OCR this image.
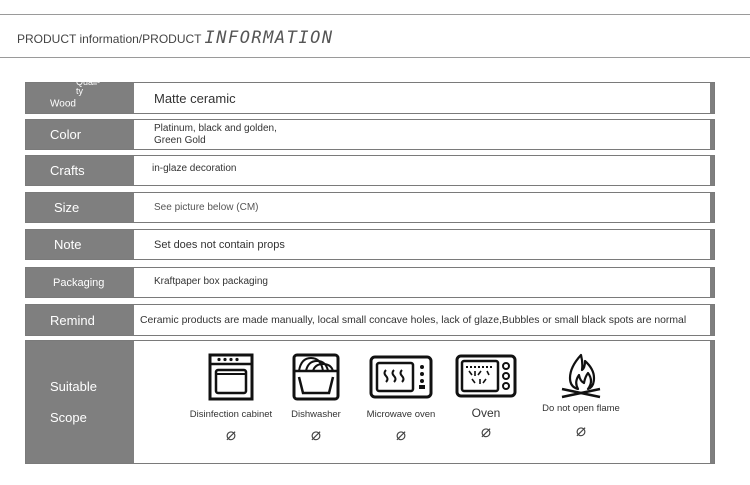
PRODUCT information/PRODUCT INFORMATION
Wood$^{Quali-ty}$	Matte ceramic
Color	Platinum, black and golden,
Green Gold
Crafts	in-glaze decoration
Size	See picture below (CM)
Note	Set does not contain props
Packaging	Kraftpaper box packaging
Remind	Ceramic products are made manually, local small concave holes, lack of glaze,Bubbles or small black spots are normal
Suitable
Scope	Disinfection cabinet
⌀
Dishwasher
⌀
Microwave oven
⌀
Oven
⌀
Do not open flame
⌀
